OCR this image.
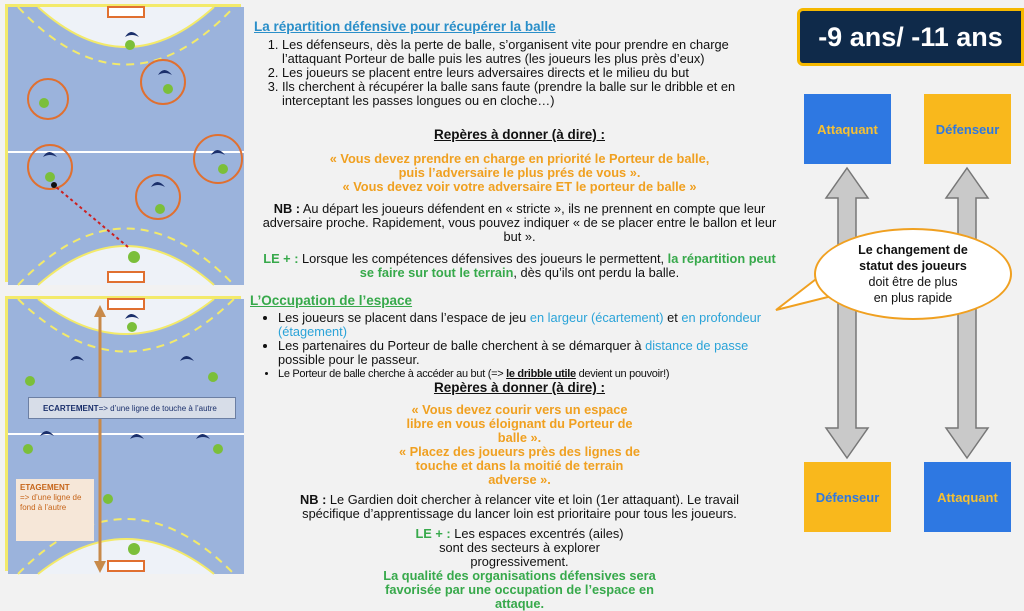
ECARTEMENT => d’une ligne de touche à l’autre
ETAGEMENT
=> d’une ligne de fond à l’autre
La répartition défensive pour récupérer la balle
1. Les défenseurs, dès la perte de balle, s’organisent vite pour prendre en charge l’attaquant Porteur de balle puis les autres (les joueurs les plus près d’eux)
2. Les joueurs se placent entre leurs adversaires directs et le milieu du but
3. Ils cherchent à récupérer la balle sans faute (prendre la balle sur le dribble et en interceptant les passes longues ou en cloche…)
Repères à donner (à dire) :
« Vous devez prendre en charge en priorité le Porteur de balle, puis l’adversaire le plus prés de vous ».
« Vous devez voir votre adversaire ET le porteur de balle »
NB : Au départ les joueurs défendent en « stricte », ils ne prennent en compte que leur adversaire proche. Rapidement, vous pouvez indiquer « de se placer entre le ballon et leur but ».
LE + : Lorsque les compétences défensives des joueurs le permettent, la répartition peut se faire sur tout le terrain, dès qu’ils ont perdu la balle.
L’Occupation de l’espace
• Les joueurs se placent dans l’espace de jeu en largeur (écartement) et en profondeur (étagement)
• Les partenaires du Porteur de balle cherchent à se démarquer à distance de passe possible pour le passeur.
• Le Porteur de balle cherche à accéder au but (=> le dribble utile devient un pouvoir!)
Repères à donner (à dire) :
« Vous devez courir vers un espace libre en vous éloignant du Porteur de balle ».
« Placez des joueurs près des lignes de touche et dans la moitié de terrain adverse ».
NB : Le Gardien doit chercher à relancer vite et loin (1er attaquant). Le travail spécifique d’apprentissage du lancer loin est prioritaire pour tous les joueurs.
LE + : Les espaces excentrés (ailes) sont des secteurs à explorer progressivement.
La qualité des organisations défensives sera favorisée par une occupation de l’espace en attaque.
-9 ans/ -11 ans
Attaquant	Défenseur
Défenseur	Attaquant
Le changement de
statut des joueurs
doit être de plus
en plus rapide
